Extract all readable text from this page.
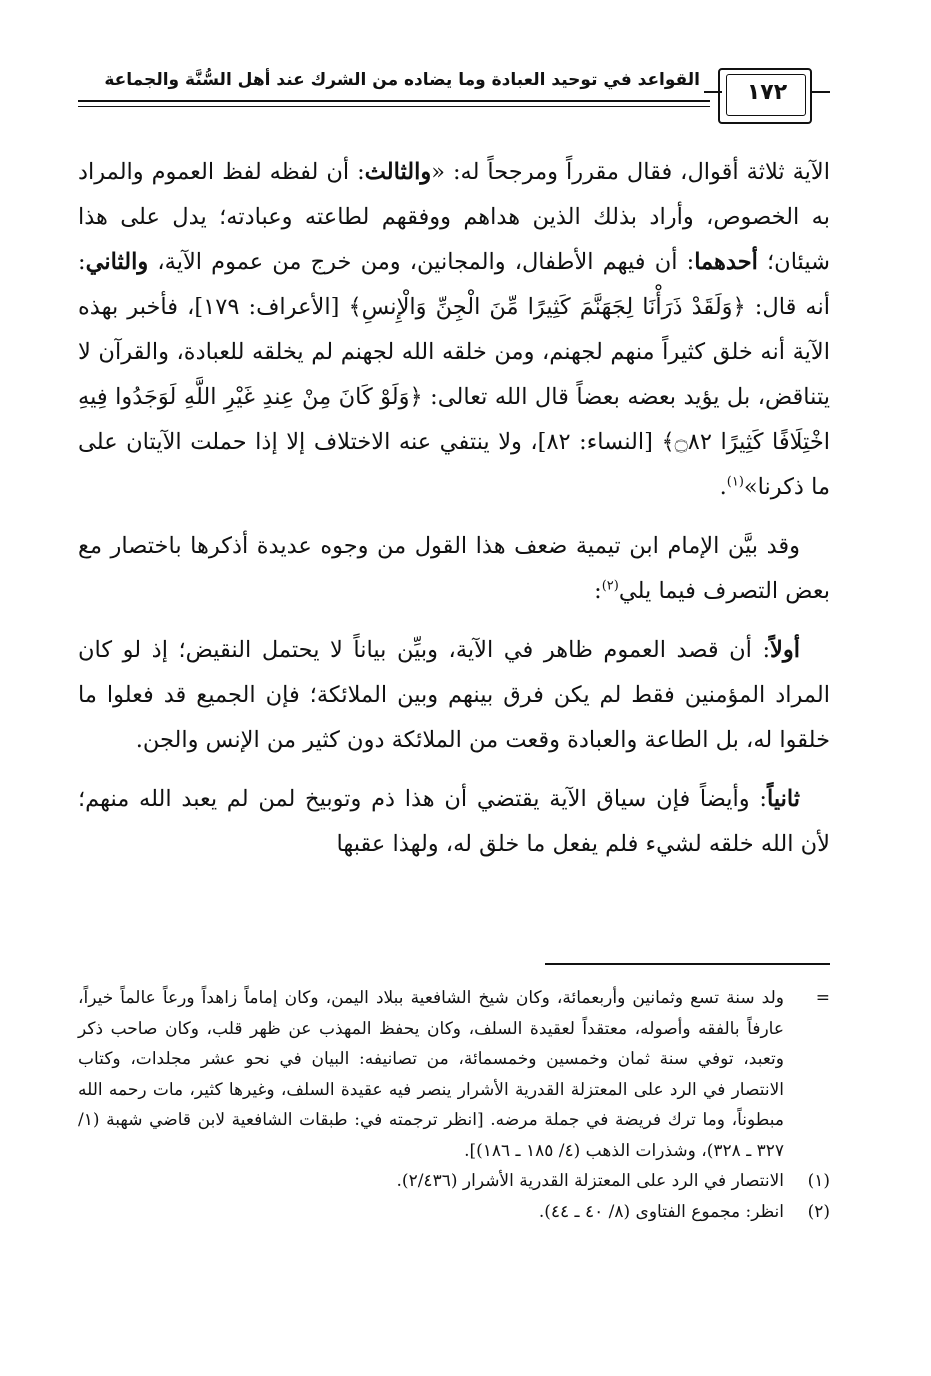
١٧٢
القواعد في توحيد العبادة وما يضاده من الشرك عند أهل السُّنَّة والجماعة

الآية ثلاثة أقوال، فقال مقرراً ومرجحاً له: «والثالث: أن لفظه لفظ العموم والمراد به الخصوص، وأراد بذلك الذين هداهم ووفقهم لطاعته وعبادته؛ يدل على هذا شيئان؛ أحدهما: أن فيهم الأطفال، والمجانين، ومن خرج من عموم الآية، والثاني: أنه قال: ﴿وَلَقَدْ ذَرَأْنَا لِجَهَنَّمَ كَثِيرًا مِّنَ الْجِنِّ وَالْإِنسِ﴾ [الأعراف: ١٧٩]، فأخبر بهذه الآية أنه خلق كثيراً منهم لجهنم، ومن خلقه الله لجهنم لم يخلقه للعبادة، والقرآن لا يتناقض، بل يؤيد بعضه بعضاً قال الله تعالى: ﴿وَلَوْ كَانَ مِنْ عِندِ غَيْرِ اللَّهِ لَوَجَدُوا فِيهِ اخْتِلَافًا كَثِيرًا ۝٨٢﴾ [النساء: ٨٢]، ولا ينتفي عنه الاختلاف إلا إذا حملت الآيتان على ما ذكرنا»$^{(١)}$.

وقد بيَّن الإمام ابن تيمية ضعف هذا القول من وجوه عديدة أذكرها باختصار مع بعض التصرف فيما يلي$^{(٢)}$:

أولاً: أن قصد العموم ظاهر في الآية، وبيِّن بياناً لا يحتمل النقيض؛ إذ لو كان المراد المؤمنين فقط لم يكن فرق بينهم وبين الملائكة؛ فإن الجميع قد فعلوا ما خلقوا له، بل الطاعة والعبادة وقعت من الملائكة دون كثير من الإنس والجن.

ثانياً: وأيضاً فإن سياق الآية يقتضي أن هذا ذم وتوبيخ لمن لم يعبد الله منهم؛ لأن الله خلقه لشيء فلم يفعل ما خلق له، ولهذا عقبها

=
ولد سنة تسع وثمانين وأربعمائة، وكان شيخ الشافعية ببلاد اليمن، وكان إماماً زاهداً ورعاً عالماً خيراً، عارفاً بالفقه وأصوله، معتقداً لعقيدة السلف، وكان يحفظ المهذب عن ظهر قلب، وكان صاحب ذكر وتعبد، توفي سنة ثمان وخمسين وخمسمائة، من تصانيفه: البيان في نحو عشر مجلدات، وكتاب الانتصار في الرد على المعتزلة القدرية الأشرار ينصر فيه عقيدة السلف، وغيرها كثير، مات رحمه الله مبطوناً، وما ترك فريضة في جملة مرضه. [انظر ترجمته في: طبقات الشافعية لابن قاضي شهبة (١/ ٣٢٧ ـ ٣٢٨)، وشذرات الذهب (٤/ ١٨٥ ـ ١٨٦)].
(١)
الانتصار في الرد على المعتزلة القدرية الأشرار (٢/٤٣٦).
(٢)
انظر: مجموع الفتاوى (٨/ ٤٠ ـ ٤٤).
